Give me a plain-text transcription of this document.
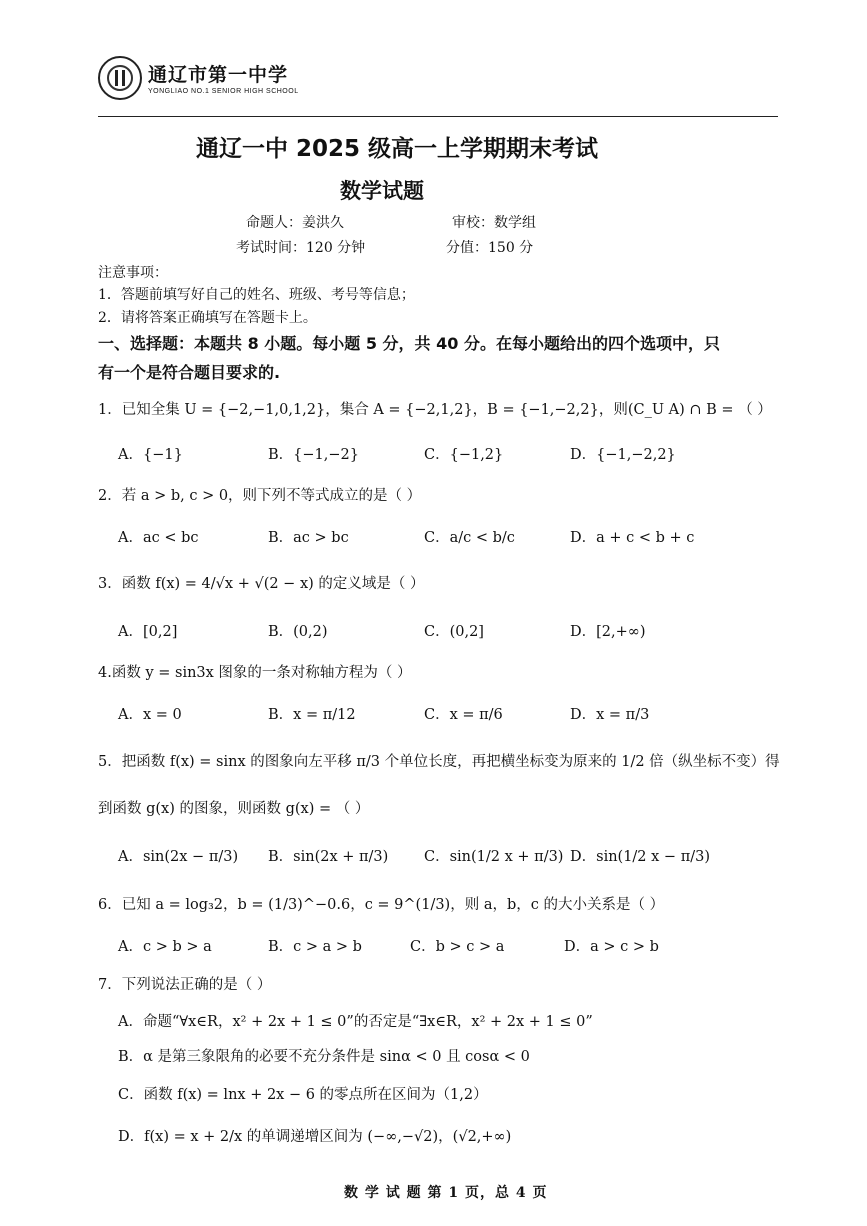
通辽市第一中学
YONGLIAO NO.1 SENIOR HIGH SCHOOL
通辽一中 2025 级高一上学期期末考试
数学试题
命题人：姜洪久	审校：数学组
考试时间：120 分钟	分值：150 分
注意事项：
1．答题前填写好自己的姓名、班级、考号等信息；
2．请将答案正确填写在答题卡上。
一、选择题：本题共 8 小题。每小题 5 分，共 40 分。在每小题给出的四个选项中，只
有一个是符合题目要求的.
1．已知全集 U = {−2,−1,0,1,2}，集合 A = {−2,1,2}，B = {−1,−2,2}，则(C_U A) ∩ B = （ ）
A．{−1}	B．{−1,−2}	C．{−1,2}	D．{−1,−2,2}
2．若 a > b, c > 0，则下列不等式成立的是（ ）
A．ac < bc	B．ac > bc	C．a/c < b/c	D．a + c < b + c
3．函数 f(x) = 4/√x + √(2 − x) 的定义域是（ ）
A．[0,2]	B．(0,2)	C．(0,2]	D．[2,+∞)
4.函数 y = sin3x 图象的一条对称轴方程为（ ）
A．x = 0	B．x = π/12	C．x = π/6	D．x = π/3
5．把函数 f(x) = sinx 的图象向左平移 π/3 个单位长度，再把横坐标变为原来的 1/2 倍（纵坐标不变）得
到函数 g(x) 的图象，则函数 g(x) = （ ）
A．sin(2x − π/3) B．sin(2x + π/3) C．sin(1/2 x + π/3) D．sin(1/2 x − π/3)
6．已知 a = log₃2，b = (1/3)^−0.6，c = 9^(1/3)，则 a，b，c 的大小关系是（ ）
A．c > b > a	B．c > a > b	C．b > c > a	D．a > c > b
7．下列说法正确的是（ ）
A．命题“∀x∈R，x² + 2x + 1 ≤ 0”的否定是“∃x∈R，x² + 2x + 1 ≤ 0”
B．α 是第三象限角的必要不充分条件是 sinα < 0 且 cosα < 0
C．函数 f(x) = lnx + 2x − 6 的零点所在区间为（1,2）
D．f(x) = x + 2/x 的单调递增区间为 (−∞,−√2)，(√2,+∞)
数 学 试 题 第 1 页，总 4 页
